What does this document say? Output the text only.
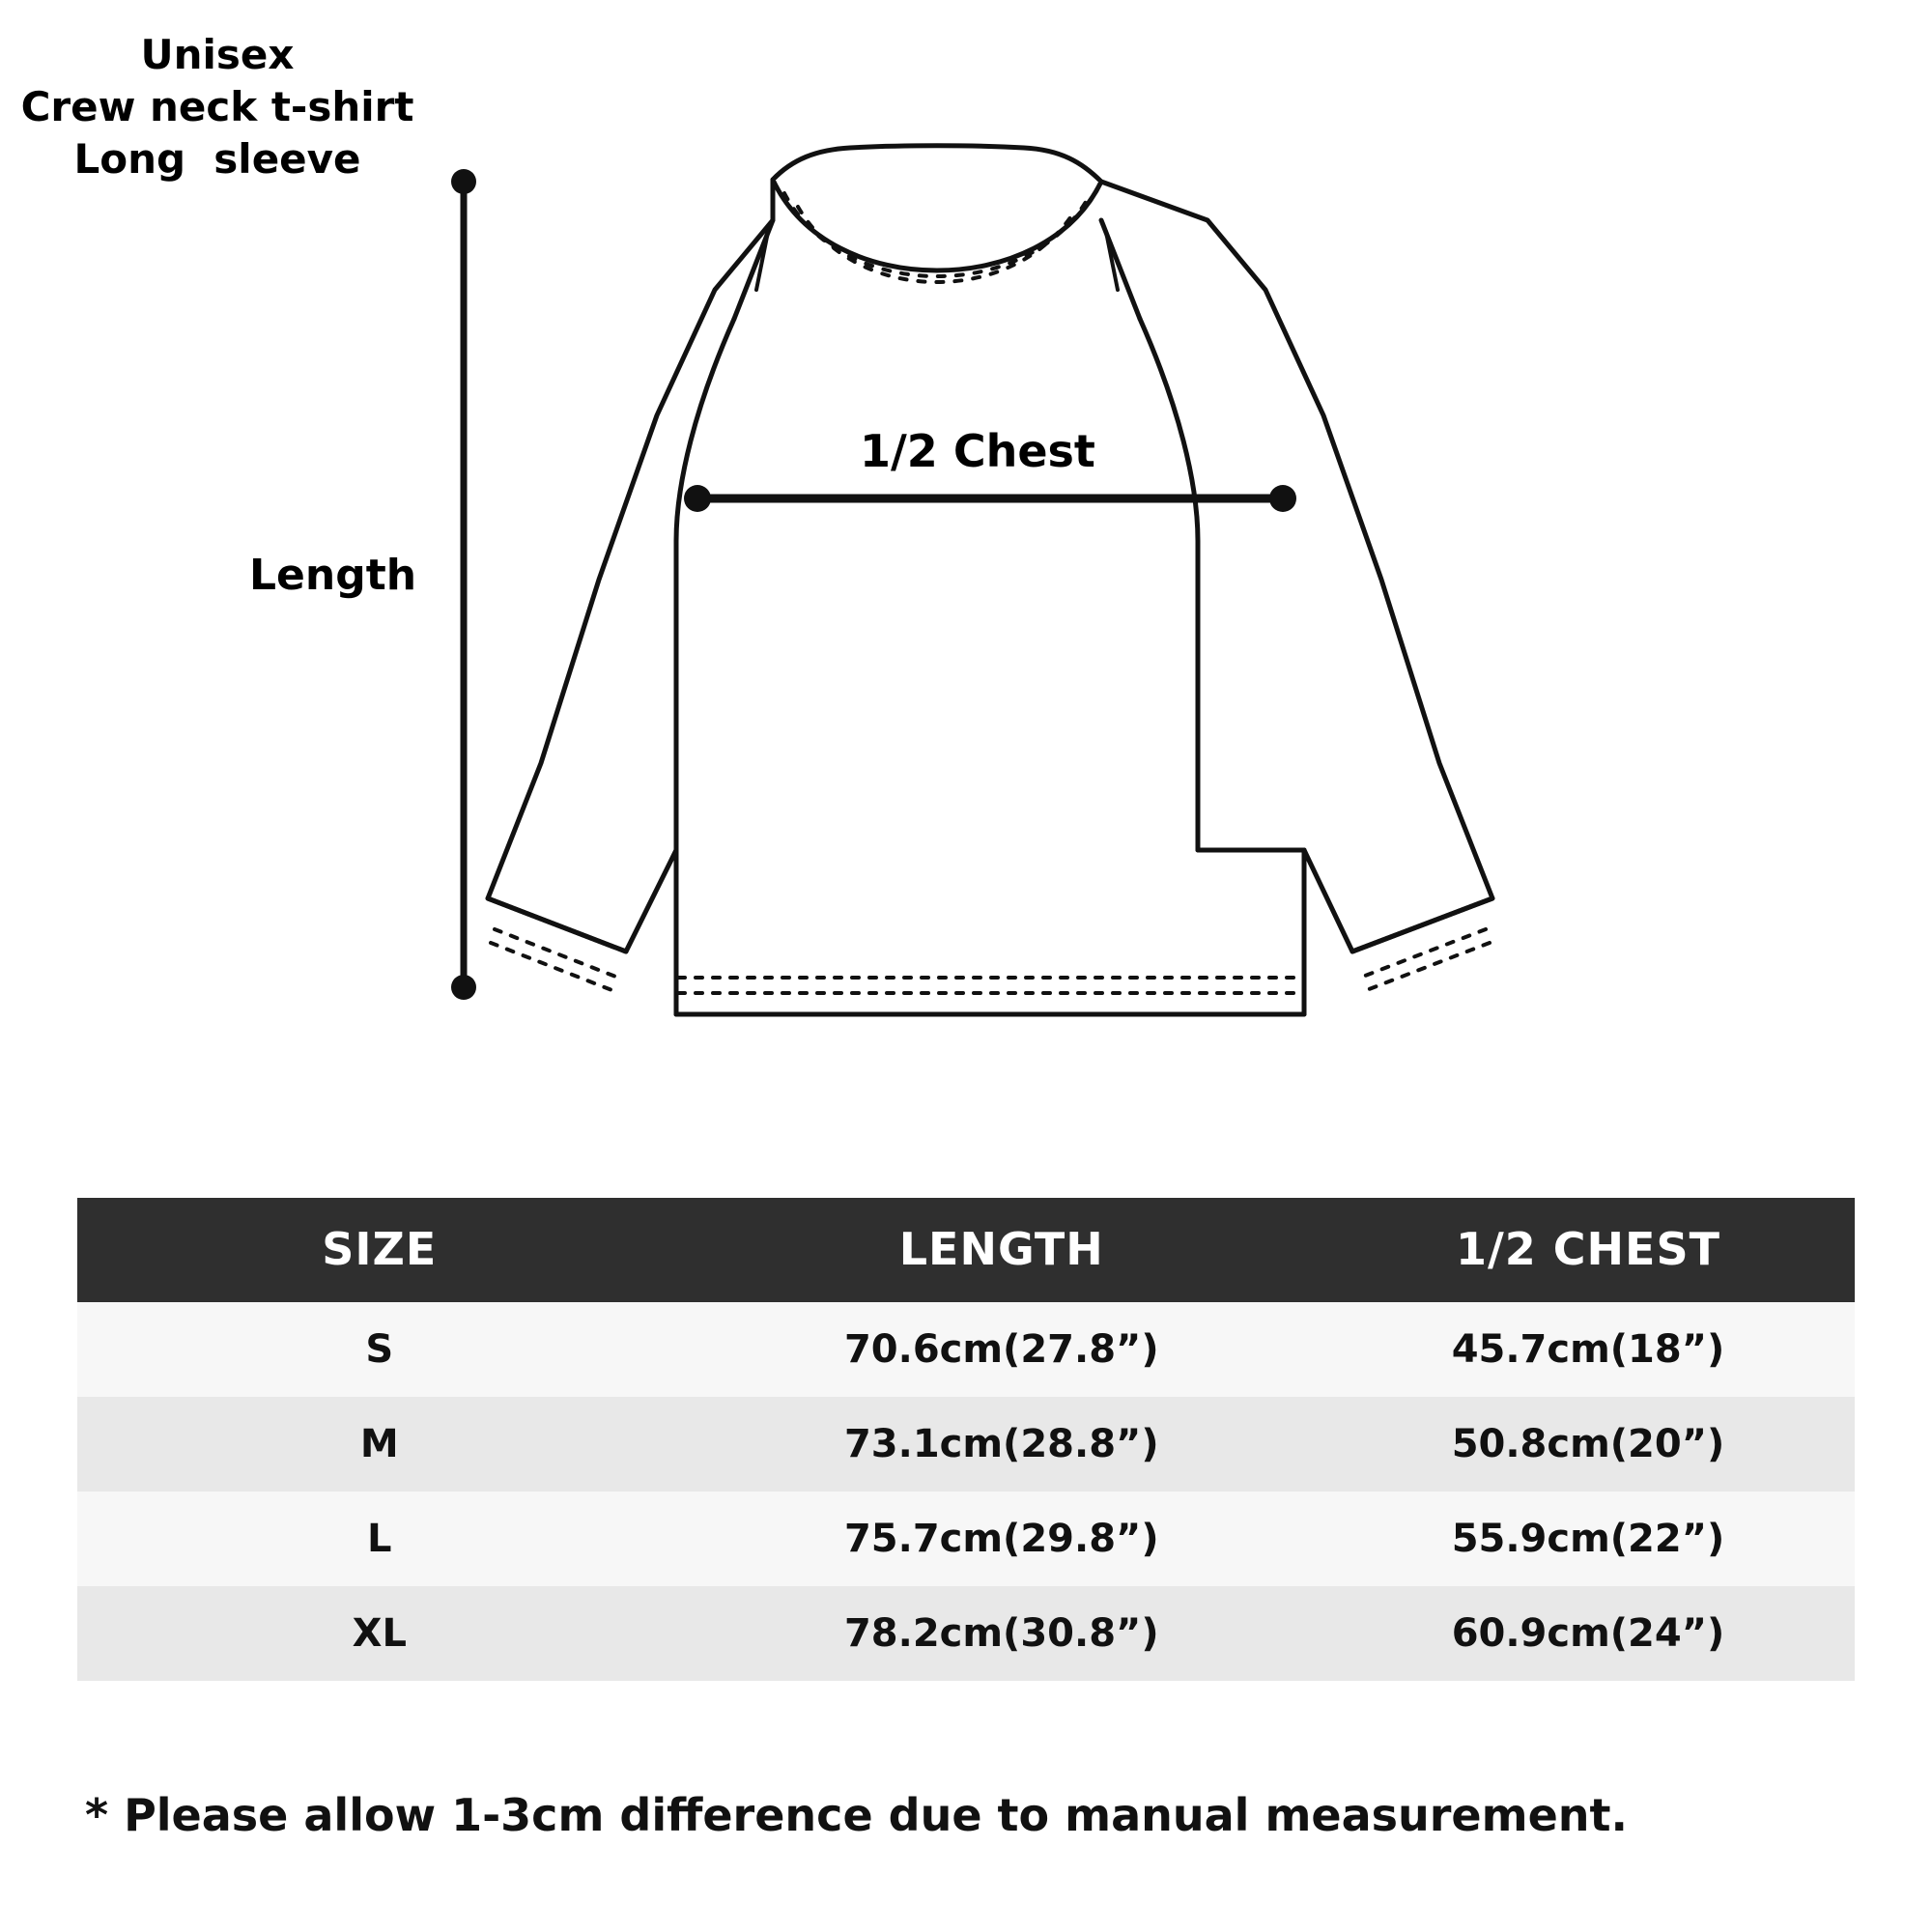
Unisex
Crew neck t-shirt
Long  sleeve
Length
1/2 Chest
SIZE	LENGTH	1/2 CHEST
S	70.6cm(27.8”)	45.7cm(18”)
M	73.1cm(28.8”)	50.8cm(20”)
L	75.7cm(29.8”)	55.9cm(22”)
XL	78.2cm(30.8”)	60.9cm(24”)
* Please allow 1-3cm difference due to manual measurement.
